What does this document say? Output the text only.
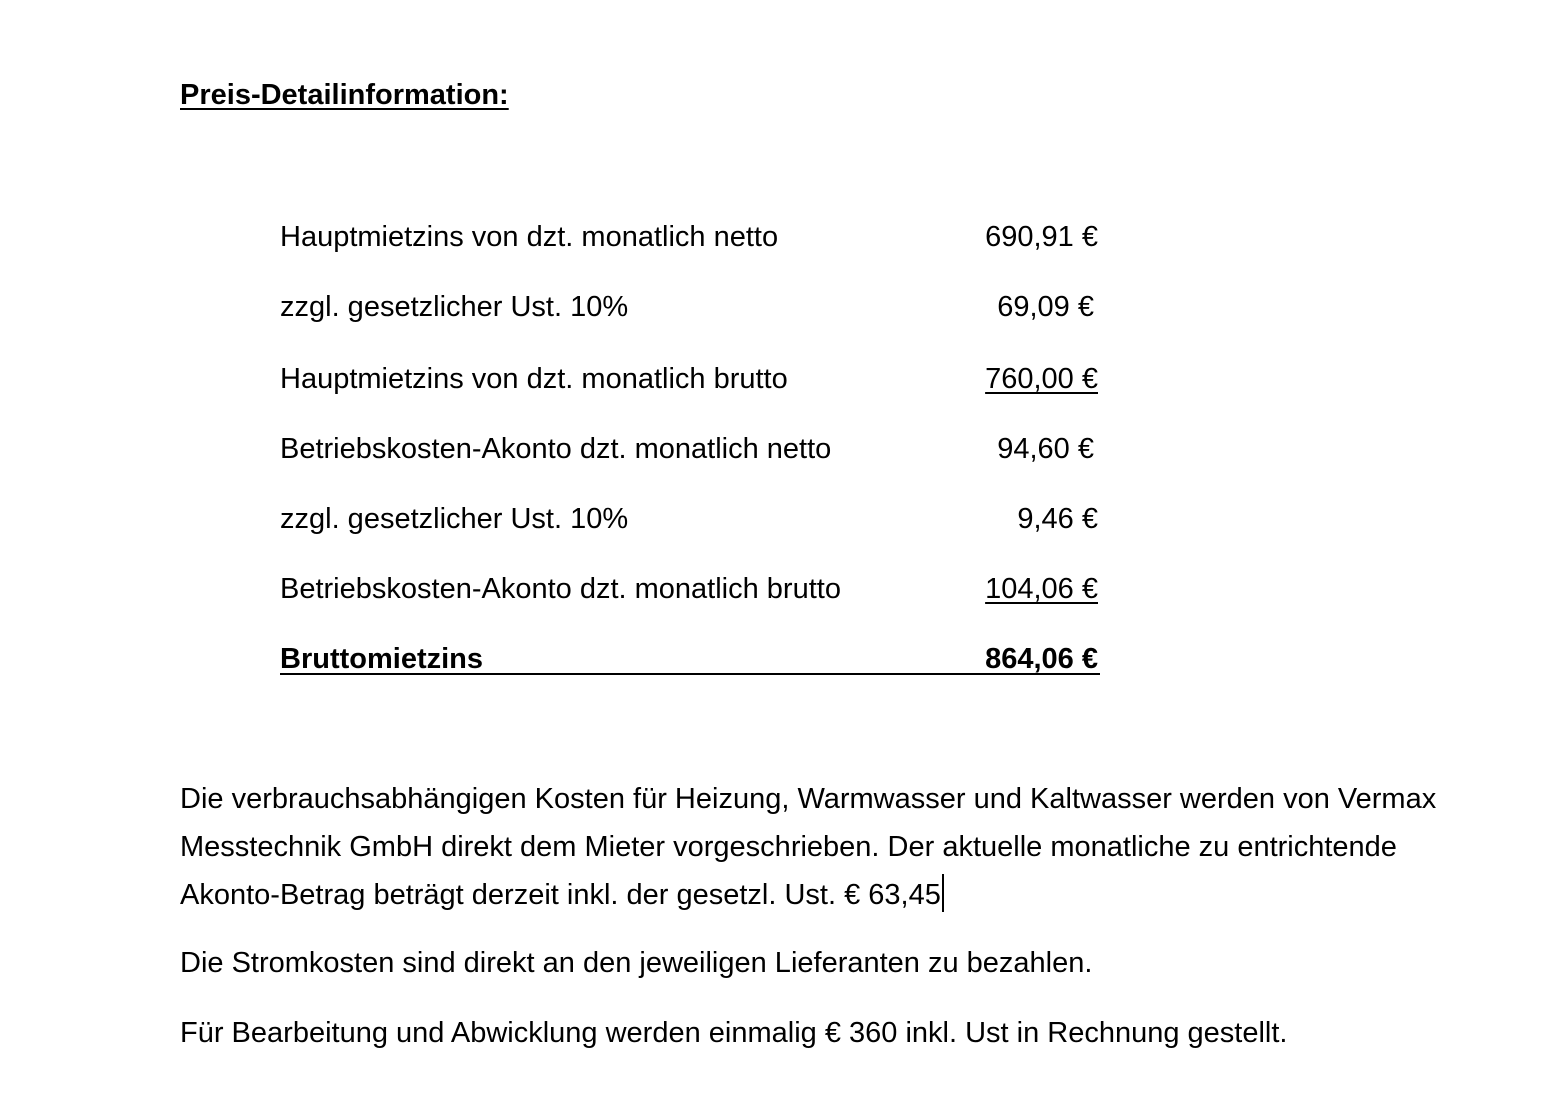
Preis-Detailinformation:
Hauptmietzins von dzt. monatlich netto	690,91 €
zzgl. gesetzlicher Ust. 10%	69,09 €
Hauptmietzins von dzt. monatlich brutto	760,00 €
Betriebskosten-Akonto dzt. monatlich netto	94,60 €
zzgl. gesetzlicher Ust. 10%	9,46 €
Betriebskosten-Akonto dzt. monatlich brutto	104,06 €
Bruttomietzins	864,06 €

Die verbrauchsabhängigen Kosten für Heizung, Warmwasser und Kaltwasser werden von Vermax Messtechnik GmbH direkt dem Mieter vorgeschrieben. Der aktuelle monatliche zu entrichtende Akonto-Betrag beträgt derzeit inkl. der gesetzl. Ust. € 63,45

Die Stromkosten sind direkt an den jeweiligen Lieferanten zu bezahlen.

Für Bearbeitung und Abwicklung werden einmalig € 360 inkl. Ust in Rechnung gestellt.
